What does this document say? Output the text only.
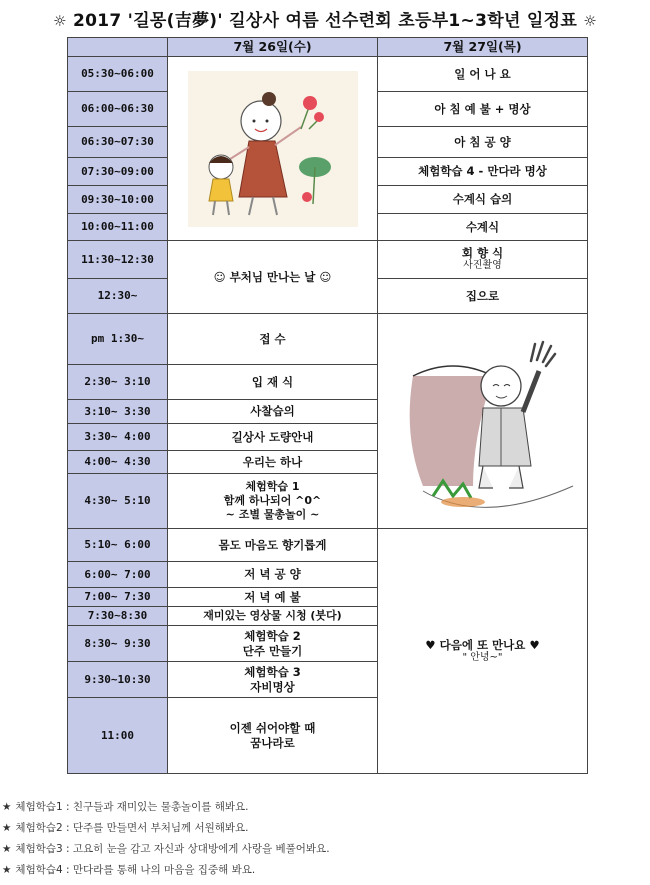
☼ 2017 '길몽(吉夢)' 길상사 여름 선수련회 초등부1~3학년 일정표 ☼
	7월 26일(수)	7월 27일(목)
05:30~06:00		일 어 나 요
06:00~06:30		아 침 예 불 + 명상
06:30~07:30		아 침 공 양
07:30~09:00		체험학습 4 - 만다라 명상
09:30~10:00		수계식 습의
10:00~11:00		수계식
11:30~12:30	☺ 부처님 만나는 날 ☺	회 향 식
사진촬영

12:30~		집으로
pm 1:30~	접 수	

2:30~ 3:10	입 재 식	
3:10~ 3:30	사찰습의	
3:30~ 4:00	길상사 도량안내	
4:00~ 4:30	우리는 하나	
4:30~ 5:10	체험학습 1
함께 하나되어 ^0^
~ 조별 물총놀이 ~	

5:10~ 6:00	몸도 마음도 향기롭게	♥ 다음에 또 만나요 ♥
" 안녕~"

6:00~ 7:00	저 녁 공 양	
7:00~ 7:30	저 녁 예 불	
7:30~8:30	재미있는 영상물 시청 (붓다)	
8:30~ 9:30	체험학습 2
단주 만들기	

9:30~10:30	체험학습 3
자비명상	

11:00	이젠 쉬어야할 때
꿈나라로	
★ 체험학습1 : 친구들과 재미있는 물총놀이를 해봐요.
★ 체험학습2 : 단주를 만들면서 부처님께 서원해봐요.
★ 체험학습3 : 고요히 눈을 감고 자신과 상대방에게 사랑을 베풀어봐요.
★ 체험학습4 : 만다라를 통해 나의 마음을 집중해 봐요.
